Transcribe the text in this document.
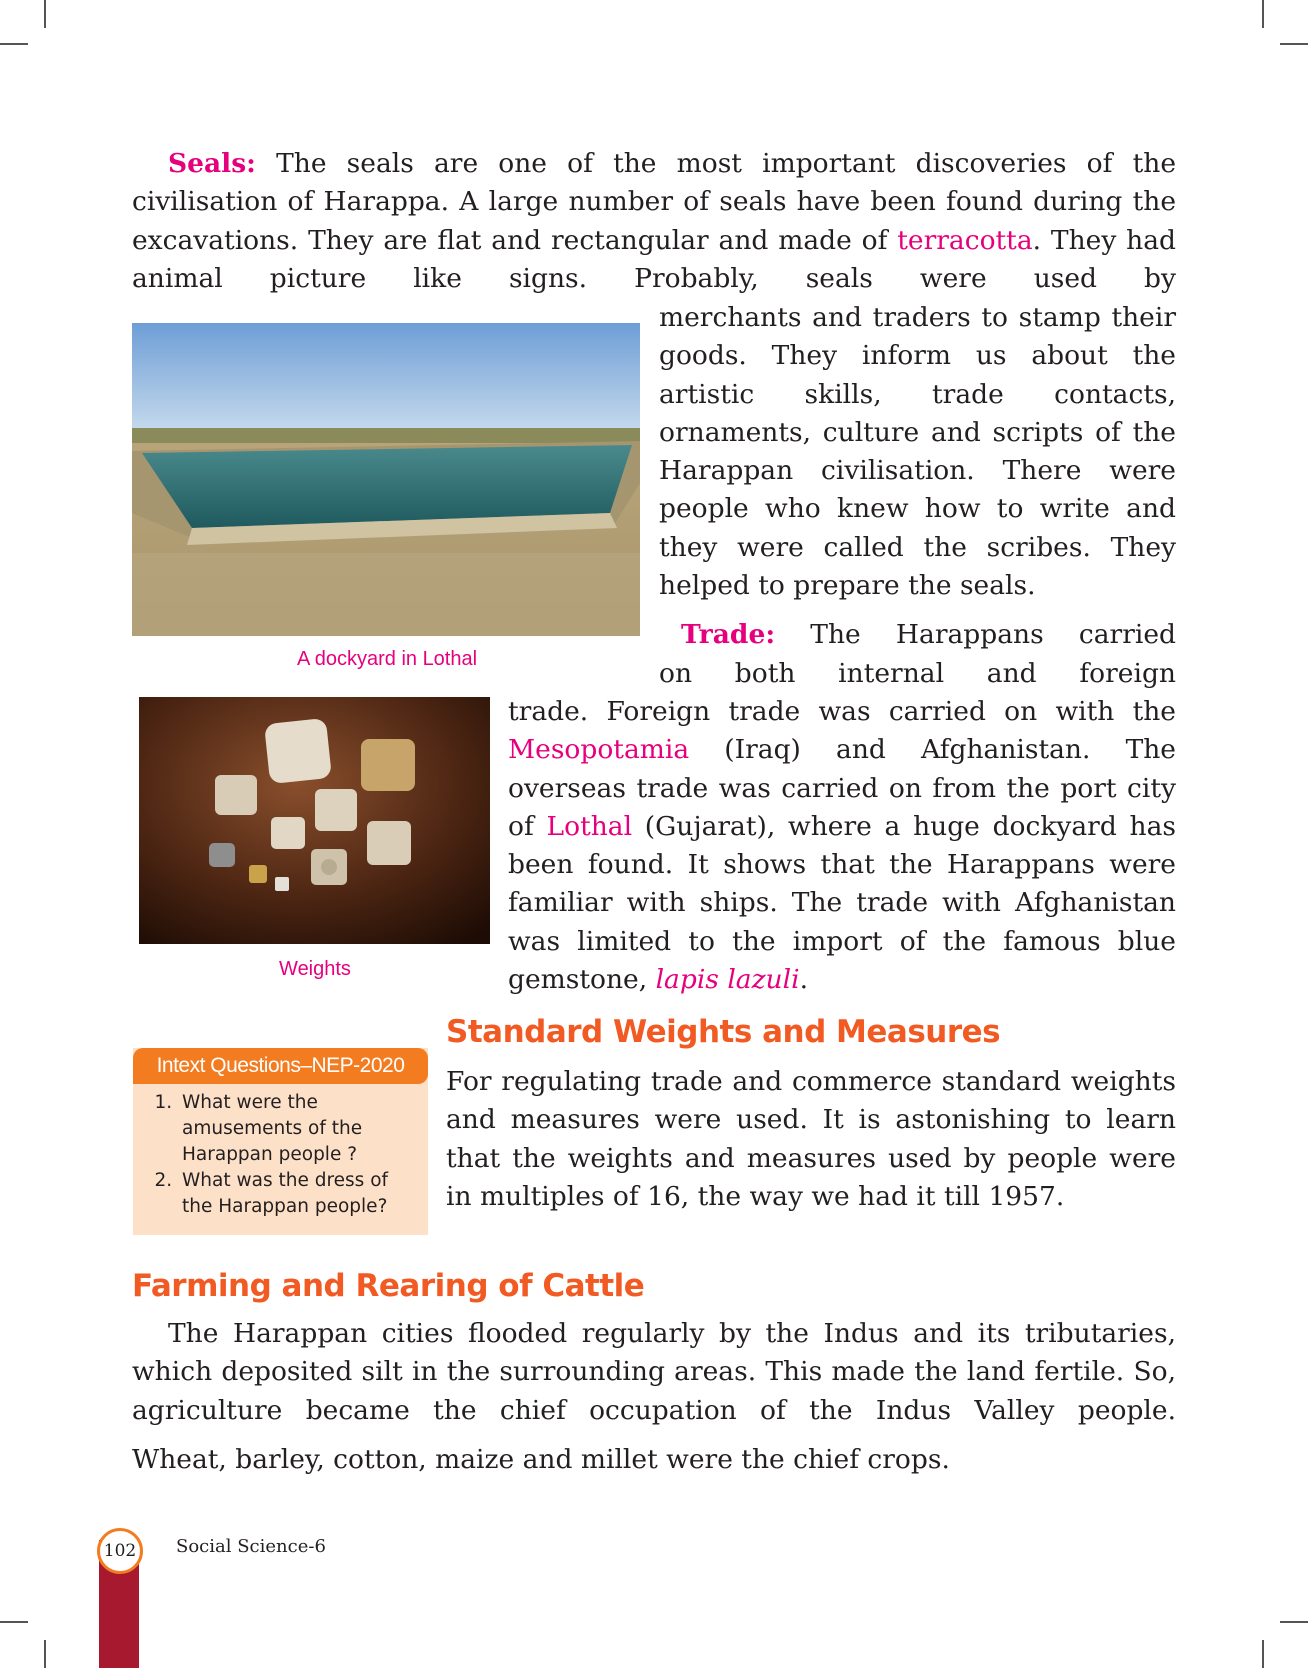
Seals: The seals are one of the most important discoveries of the civilisation of Harappa. A large number of seals have been found during the excavations. They are flat and rectangular and made of terracotta. They had animal picture like signs. Probably, seals were used by

merchants and traders to stamp their goods. They inform us about the artistic skills, trade contacts, ornaments, culture and scripts of the Harappan civilisation. There were people who knew how to write and they were called the scribes. They helped to prepare the seals.

A dockyard in Lothal

Trade: The Harappans carried

on both internal and foreign

trade. Foreign trade was carried on with the Mesopotamia (Iraq) and Afghanistan. The overseas trade was carried on from the port city of Lothal (Gujarat), where a huge dockyard has been found. It shows that the Harappans were familiar with ships. The trade with Afghanistan was limited to the import of the famous blue gemstone, lapis lazuli.

Weights
Standard Weights and Measures
Intext Questions–NEP-2020
1. What were the amusements of the Harappan people ?
2. What was the dress of the Harappan people?

For regulating trade and commerce standard weights and measures were used. It is astonishing to learn that the weights and measures used by people were in multiples of 16, the way we had it till 1957.

Farming and Rearing of Cattle

The Harappan cities flooded regularly by the Indus and its tributaries, which deposited silt in the surrounding areas. This made the land fertile. So, agriculture became the chief occupation of the Indus Valley people.

Wheat, barley, cotton, maize and millet were the chief crops.

102	Social Science-6
